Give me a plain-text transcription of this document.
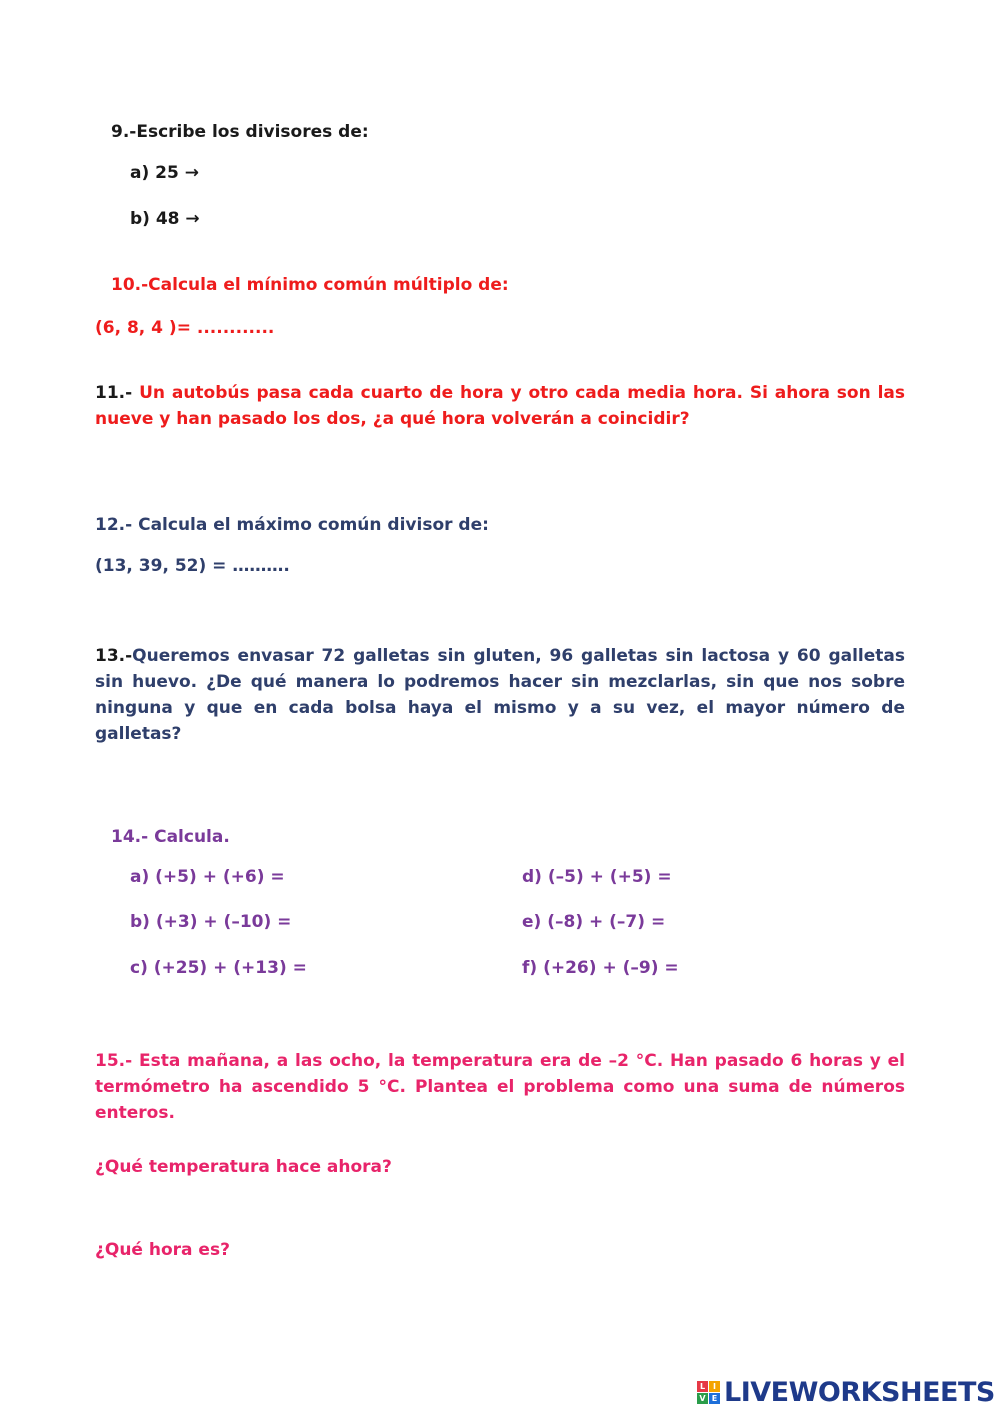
9.-Escribe los divisores de:
a) 25 →
b) 48 →
10.-Calcula el mínimo común múltiplo de:
(6, 8, 4 )= ............
11.- Un autobús pasa cada cuarto de hora y otro cada media hora. Si ahora son las nueve y han pasado los dos, ¿a qué hora volverán a coincidir?
12.- Calcula el máximo común divisor de:
(13, 39, 52) = ……….
13.-Queremos envasar 72 galletas sin gluten, 96 galletas sin lactosa y 60 galletas sin huevo. ¿De qué manera lo podremos hacer sin mezclarlas, sin que nos sobre ninguna y que en cada bolsa haya el mismo y a su vez, el mayor número de galletas?
14.- Calcula.
a) (+5) + (+6) =
b) (+3) + (–10) =
c) (+25) + (+13) =
d) (–5) + (+5) =
e) (–8) + (–7) =
f) (+26) + (–9) =
15.- Esta mañana, a las ocho, la temperatura era de –2 °C. Han pasado 6 horas y el termómetro ha ascendido 5 °C. Plantea el problema como una suma de números enteros.
¿Qué temperatura hace ahora?
¿Qué hora es?
L I
V E LIVEWORKSHEETS
